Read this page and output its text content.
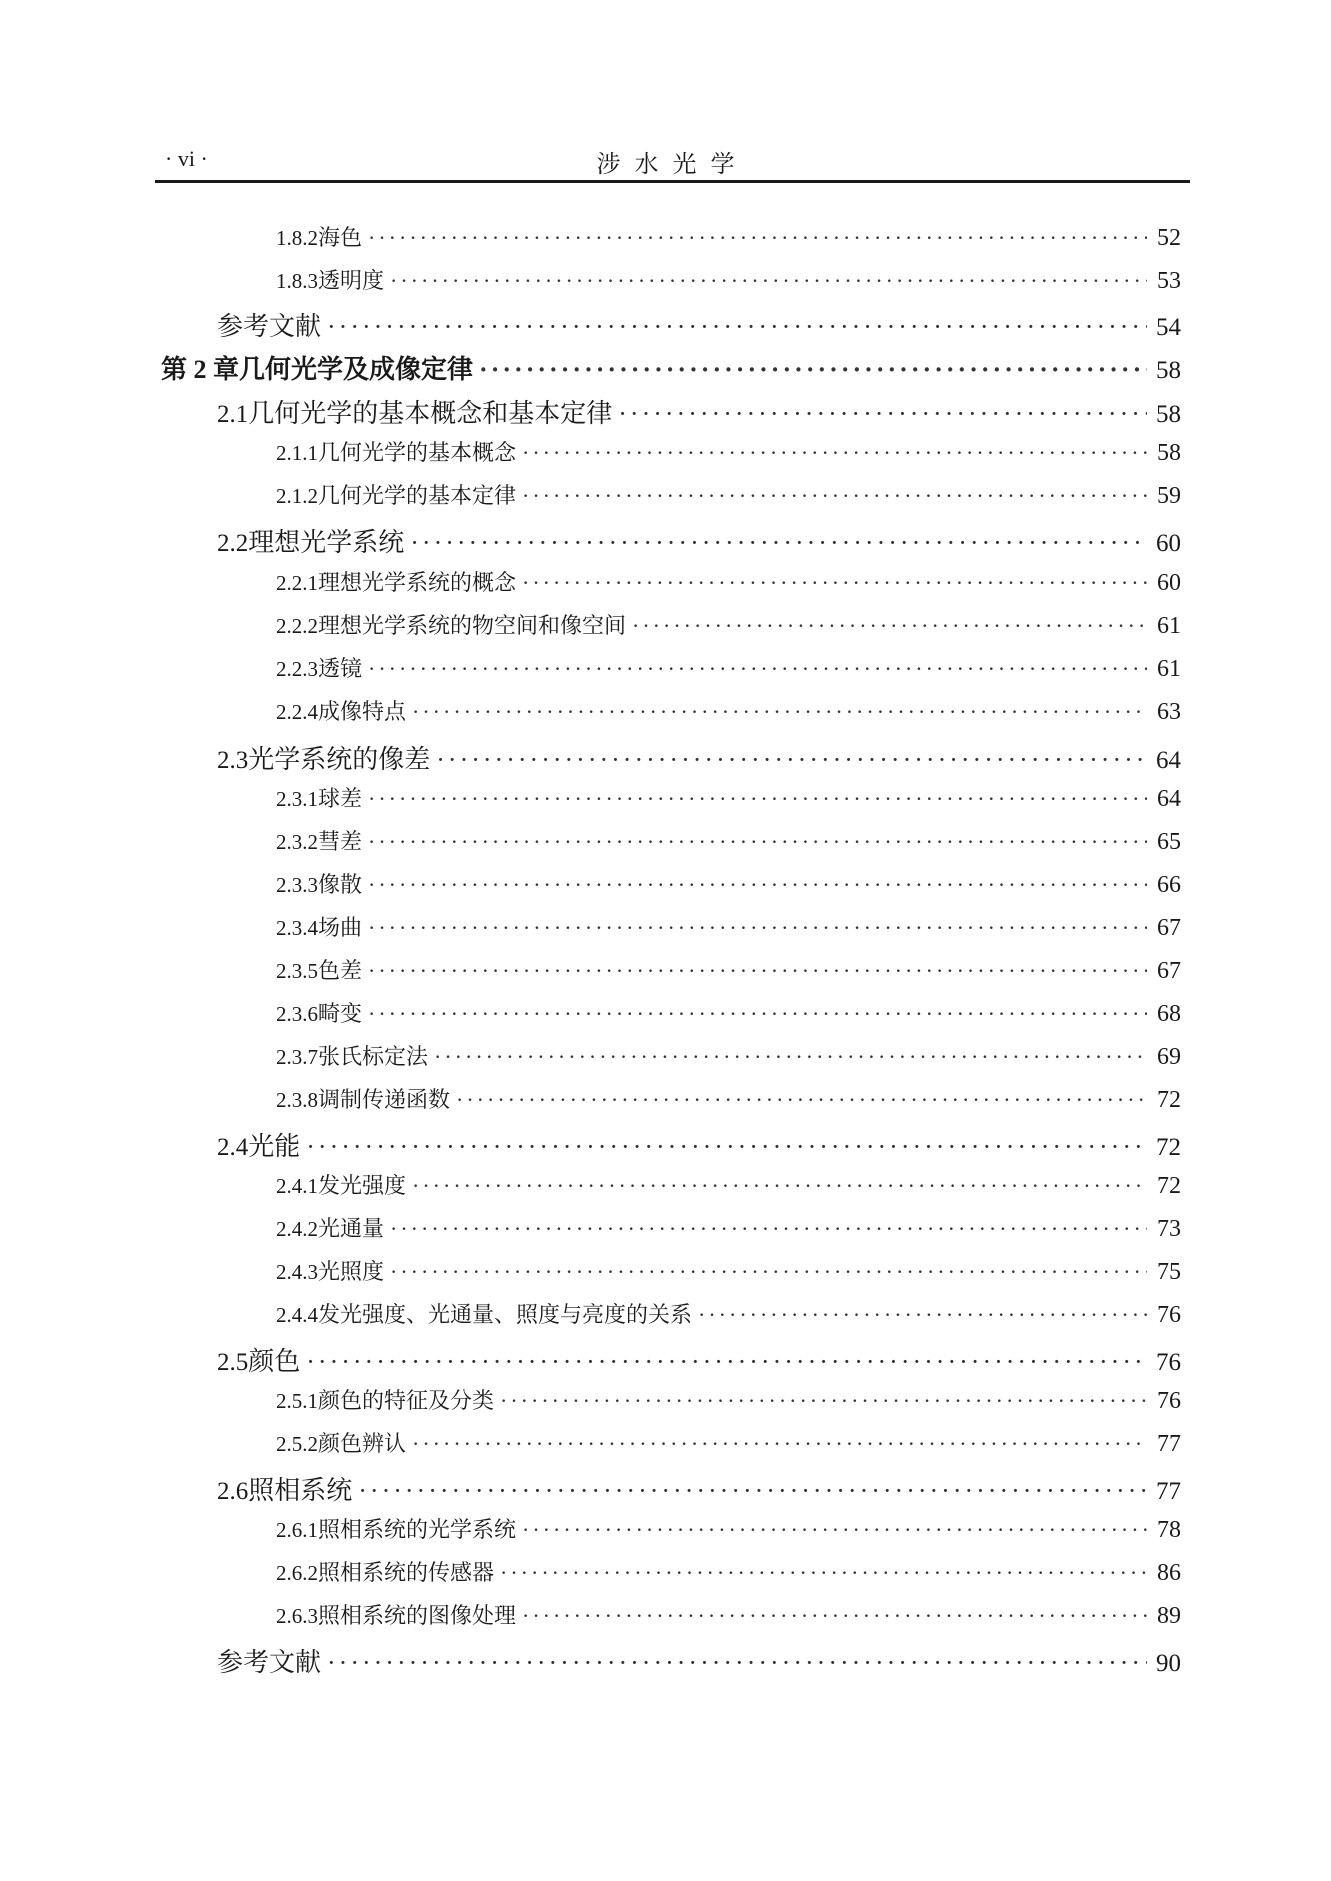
· vi ·	涉水光学
1.8.2 海色 ·····	52
1.8.3 透明度 ·····	53
参考文献 ·····	54
第 2 章 几何光学及成像定律 ·····	58
2.1 几何光学的基本概念和基本定律 ·····	58
2.1.1 几何光学的基本概念 ·····	58
2.1.2 几何光学的基本定律 ·····	59
2.2 理想光学系统 ·····	60
2.2.1 理想光学系统的概念 ·····	60
2.2.2 理想光学系统的物空间和像空间 ·····	61
2.2.3 透镜 ·····	61
2.2.4 成像特点 ·····	63
2.3 光学系统的像差 ·····	64
2.3.1 球差 ·····	64
2.3.2 彗差 ·····	65
2.3.3 像散 ·····	66
2.3.4 场曲 ·····	67
2.3.5 色差 ·····	67
2.3.6 畸变 ·····	68
2.3.7 张氏标定法 ·····	69
2.3.8 调制传递函数 ·····	72
2.4 光能 ·····	72
2.4.1 发光强度 ·····	72
2.4.2 光通量 ·····	73
2.4.3 光照度 ·····	75
2.4.4 发光强度、光通量、照度与亮度的关系 ·····	76
2.5 颜色 ·····	76
2.5.1 颜色的特征及分类 ·····	76
2.5.2 颜色辨认 ·····	77
2.6 照相系统 ·····	77
2.6.1 照相系统的光学系统 ·····	78
2.6.2 照相系统的传感器 ·····	86
2.6.3 照相系统的图像处理 ·····	89
参考文献 ·····	90
